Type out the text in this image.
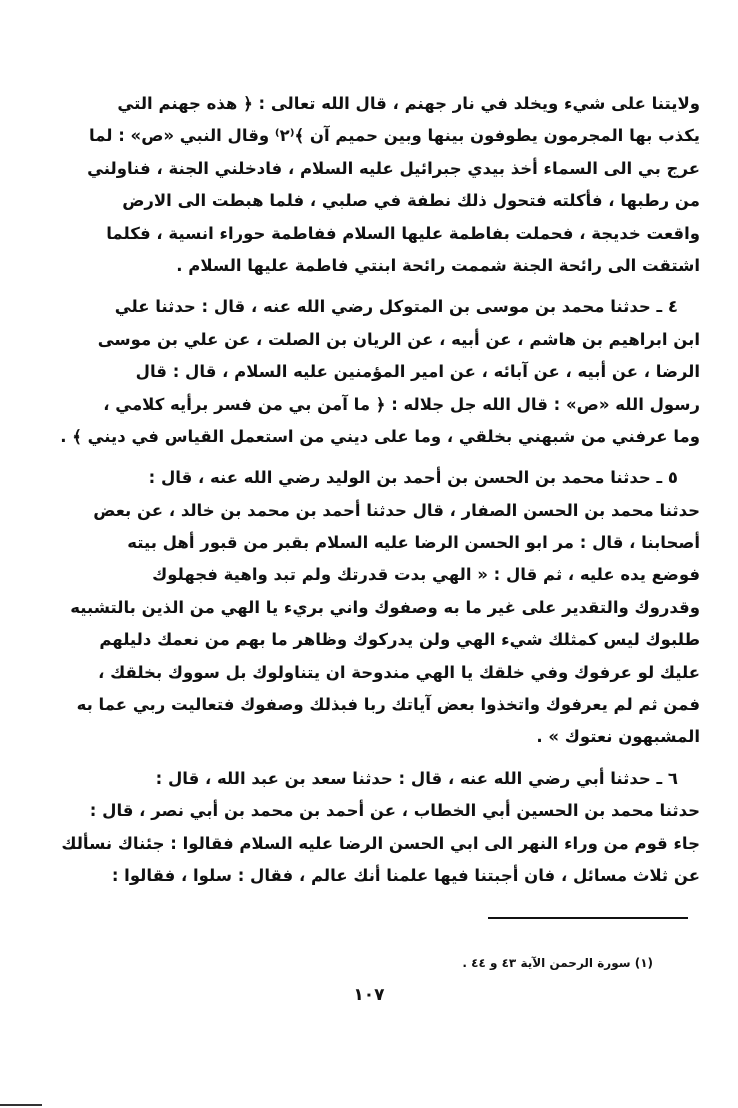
ولايتنا على شيء ويخلد في نار جهنم ، قال الله تعالى : ﴿ هذه جهنم التي
يكذب بها المجرمون يطوفون بينها وبين حميم آن ﴾⁽٢⁾ وقال النبي «ص» : لما
عرج بي الى السماء أخذ بيدي جبرائيل عليه السلام ، فادخلني الجنة ، فناولني
من رطبها ، فأكلته فتحول ذلك نطفة في صلبي ، فلما هبطت الى الارض
واقعت خديجة ، فحملت بفاطمة عليها السلام ففاطمة حوراء انسية ، فكلما
اشتقت الى رائحة الجنة شممت رائحة ابنتي فاطمة عليها السلام .
٤ ـ حدثنا محمد بن موسى بن المتوكل رضي الله عنه ، قال : حدثنا علي
ابن ابراهيم بن هاشم ، عن أبيه ، عن الريان بن الصلت ، عن علي بن موسى
الرضا ، عن أبيه ، عن آبائه ، عن امير المؤمنين عليه السلام ، قال : قال
رسول الله «ص» : قال الله جل جلاله : ﴿ ما آمن بي من فسر برأيه كلامي ،
وما عرفني من شبهني بخلقي ، وما على ديني من استعمل القياس في ديني ﴾ .
٥ ـ حدثنا محمد بن الحسن بن أحمد بن الوليد رضي الله عنه ، قال :
حدثنا محمد بن الحسن الصفار ، قال حدثنا أحمد بن محمد بن خالد ، عن بعض
أصحابنا ، قال : مر ابو الحسن الرضا عليه السلام بقبر من قبور أهل بيته
فوضع يده عليه ، ثم قال : « الهي بدت قدرتك ولم تبد واهية فجهلوك
وقدروك والتقدير على غير ما به وصفوك واني بريء يا الهي من الذين بالتشبيه
طلبوك ليس كمثلك شيء الهي ولن يدركوك وظاهر ما بهم من نعمك دليلهم
عليك لو عرفوك وفي خلقك يا الهي مندوحة ان يتناولوك بل سووك بخلقك ،
فمن ثم لم يعرفوك واتخذوا بعض آياتك ربا فبذلك وصفوك فتعاليت ربي عما به
المشبهون نعتوك » .
٦ ـ حدثنا أبي رضي الله عنه ، قال : حدثنا سعد بن عبد الله ، قال :
حدثنا محمد بن الحسين أبي الخطاب ، عن أحمد بن محمد بن أبي نصر ، قال :
جاء قوم من وراء النهر الى ابي الحسن الرضا عليه السلام فقالوا : جئناك نسألك
عن ثلاث مسائل ، فان أجبتنا فيها علمنا أنك عالم ، فقال : سلوا ، فقالوا :
(١) سورة الرحمن الآية ٤٣ و ٤٤ .
١٠٧
